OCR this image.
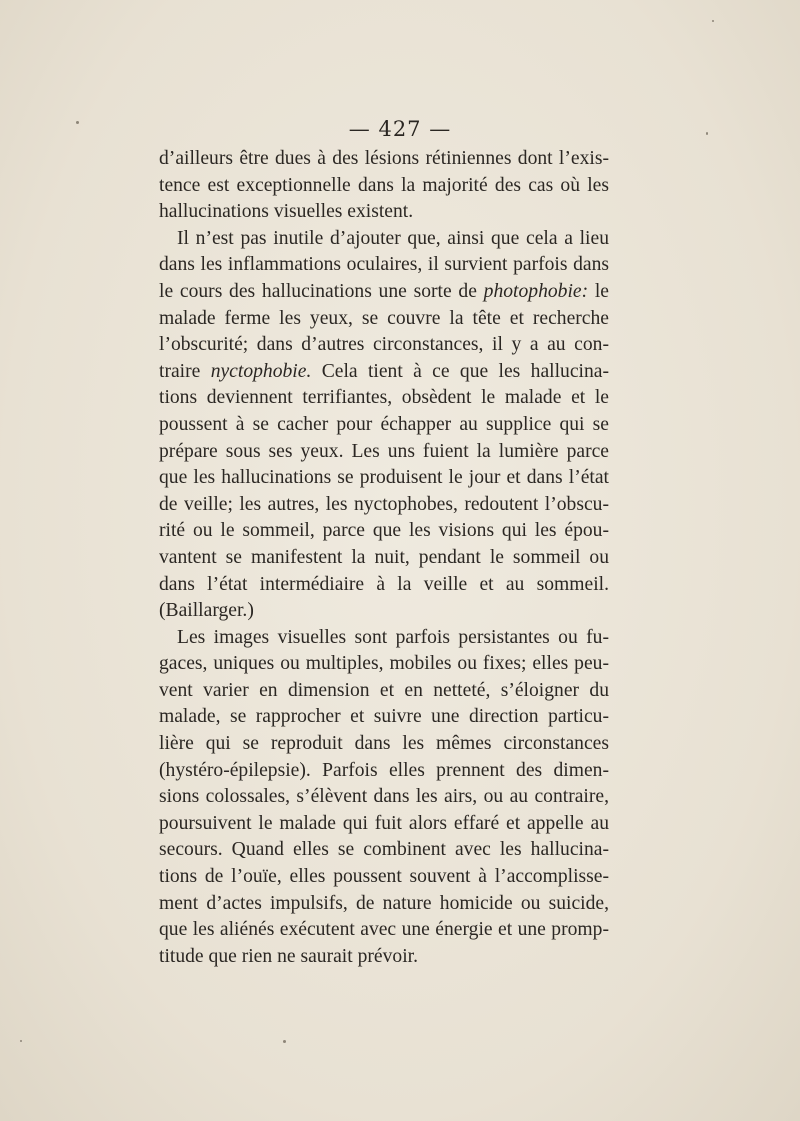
— 427 —
d’ailleurs être dues à des lésions rétiniennes dont l’exis-
tence est exceptionnelle dans la majorité des cas où les
hallucinations visuelles existent.
Il n’est pas inutile d’ajouter que, ainsi que cela a lieu
dans les inflammations oculaires, il survient parfois dans
le cours des hallucinations une sorte de photophobie: le
malade ferme les yeux, se couvre la tête et recherche
l’obscurité; dans d’autres circonstances, il y a au con-
traire nyctophobie. Cela tient à ce que les hallucina-
tions deviennent terrifiantes, obsèdent le malade et le
poussent à se cacher pour échapper au supplice qui se
prépare sous ses yeux. Les uns fuient la lumière parce
que les hallucinations se produisent le jour et dans l’état
de veille; les autres, les nyctophobes, redoutent l’obscu-
rité ou le sommeil, parce que les visions qui les épou-
vantent se manifestent la nuit, pendant le sommeil ou
dans l’état intermédiaire à la veille et au sommeil.
(Baillarger.)
Les images visuelles sont parfois persistantes ou fu-
gaces, uniques ou multiples, mobiles ou fixes; elles peu-
vent varier en dimension et en netteté, s’éloigner du
malade, se rapprocher et suivre une direction particu-
lière qui se reproduit dans les mêmes circonstances
(hystéro-épilepsie). Parfois elles prennent des dimen-
sions colossales, s’élèvent dans les airs, ou au contraire,
poursuivent le malade qui fuit alors effaré et appelle au
secours. Quand elles se combinent avec les hallucina-
tions de l’ouïe, elles poussent souvent à l’accomplisse-
ment d’actes impulsifs, de nature homicide ou suicide,
que les aliénés exécutent avec une énergie et une promp-
titude que rien ne saurait prévoir.
